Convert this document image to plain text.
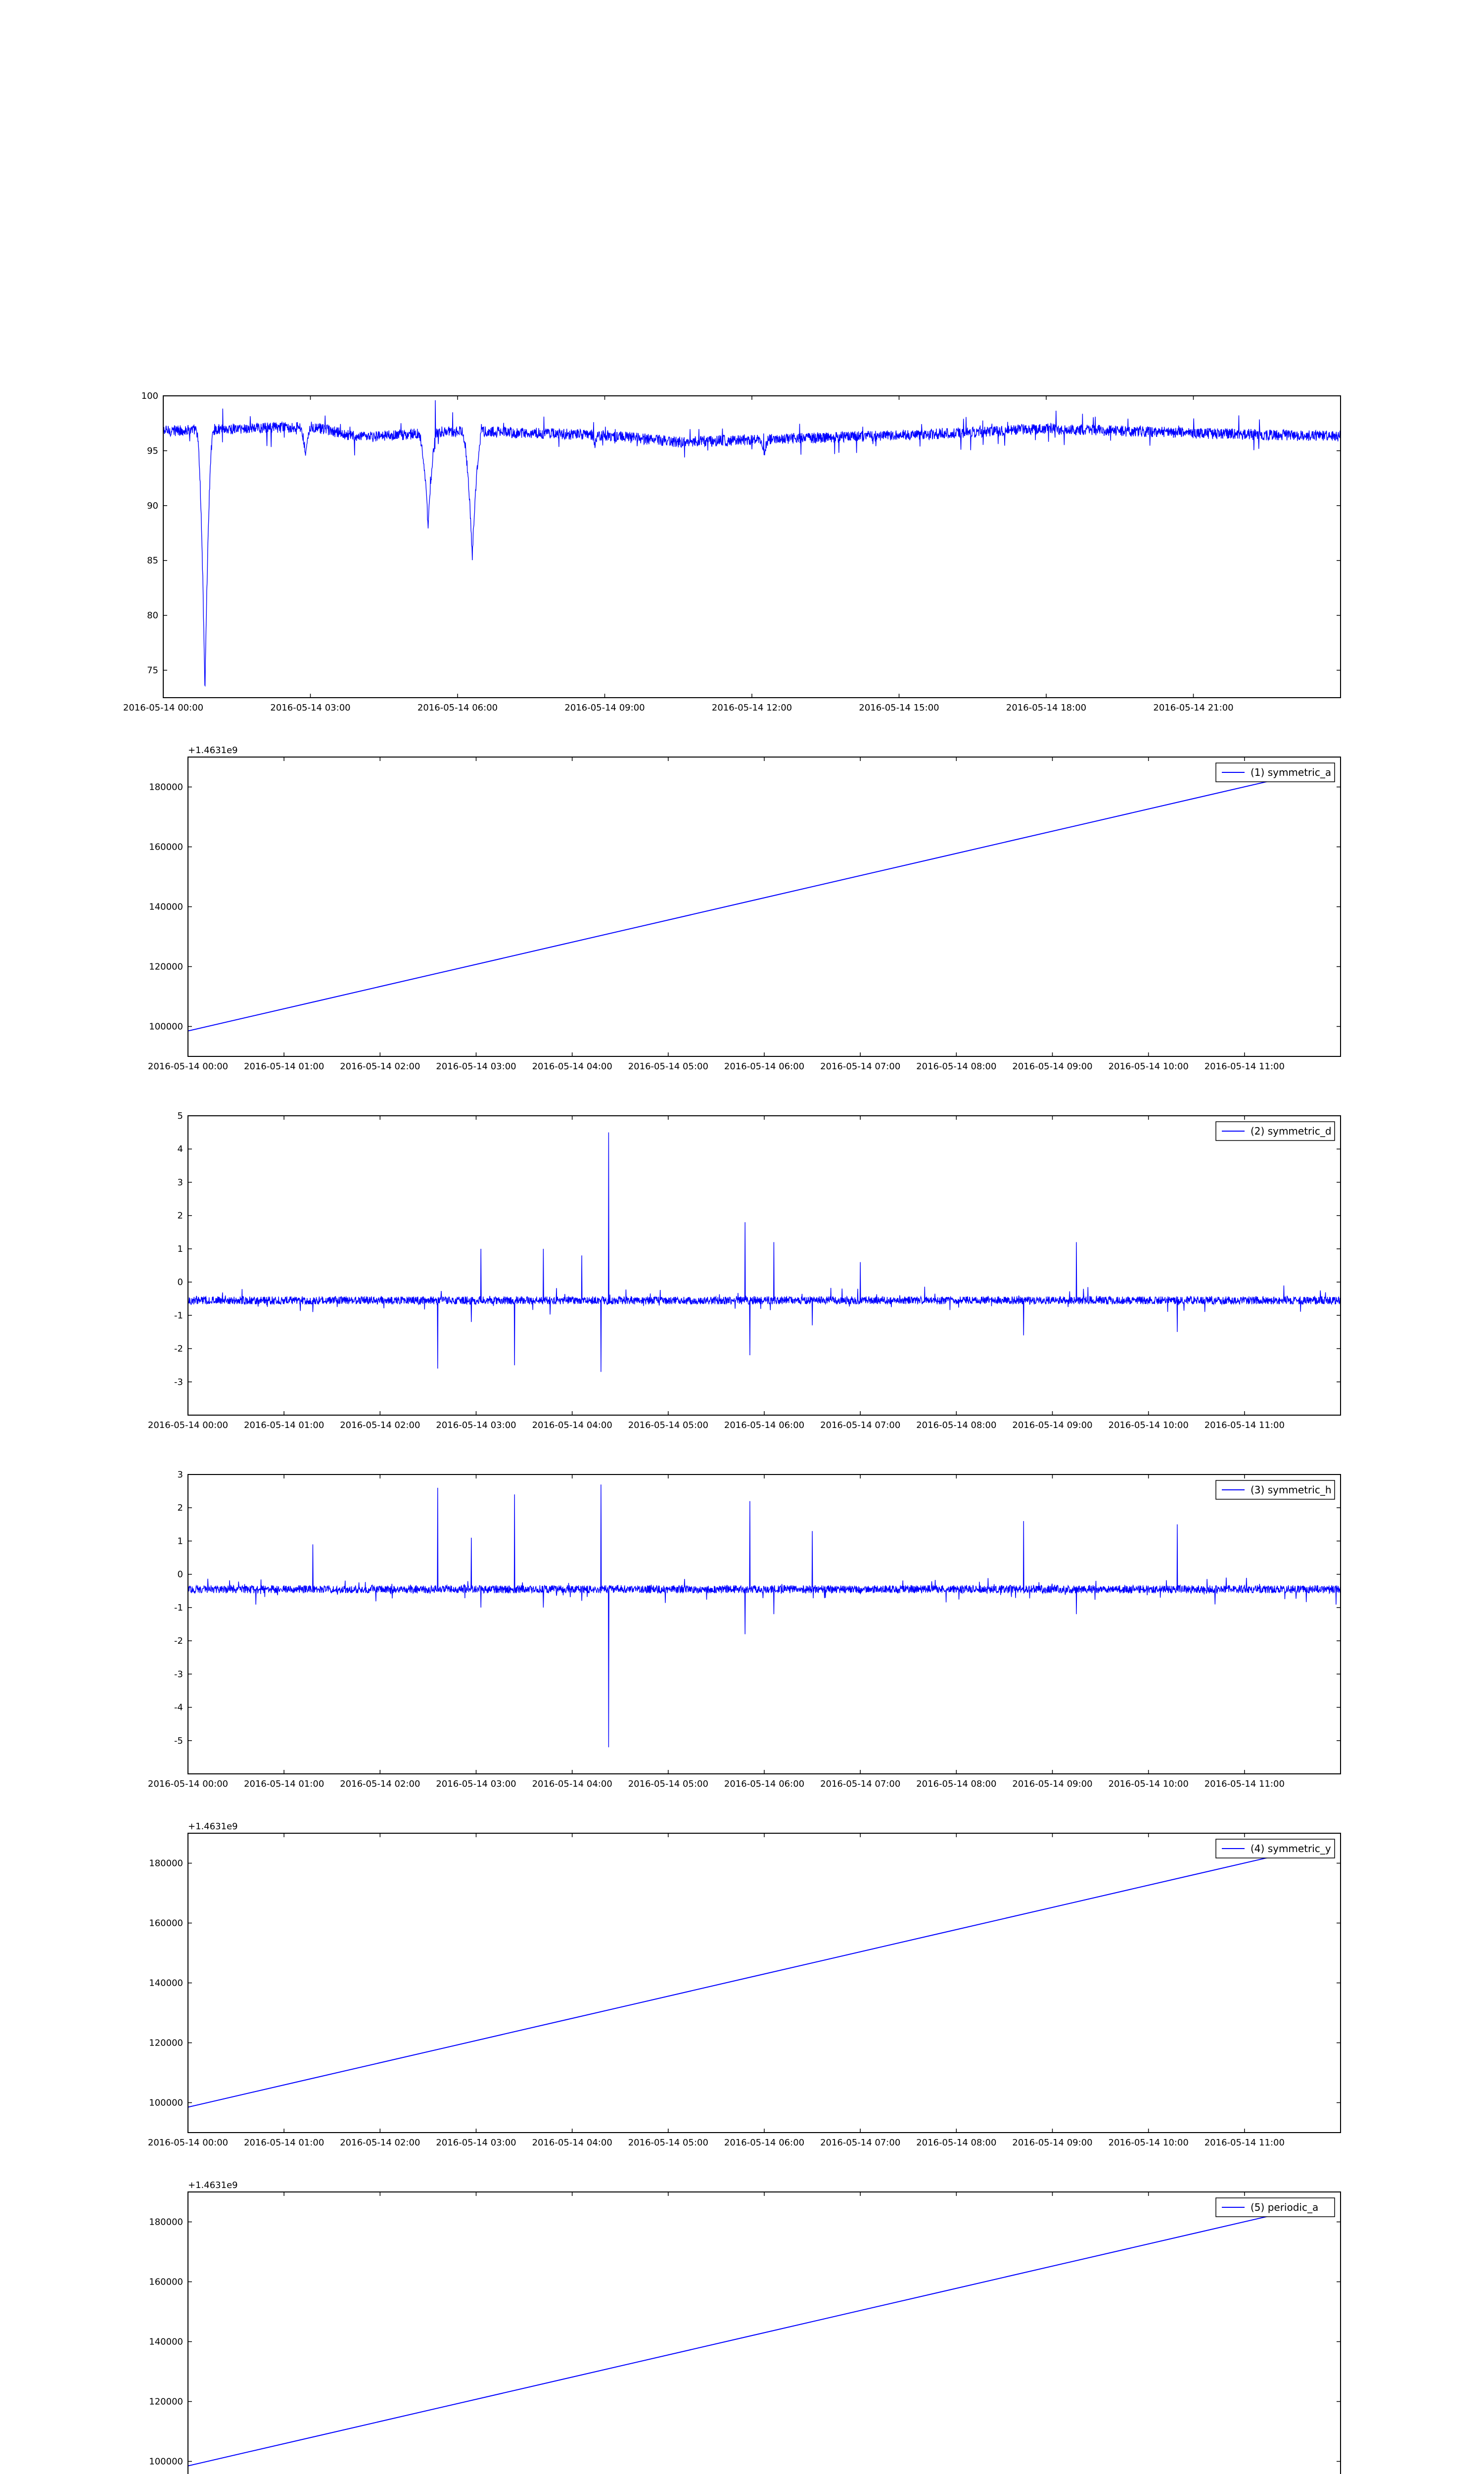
2016-05-14 00:00	2016-05-14 03:00	2016-05-14 06:00	2016-05-14 09:00	2016-05-14 12:00	2016-05-14 15:00	2016-05-14 18:00	2016-05-14 21:00
100
95
90
85
80
75
2016-05-14 00:00 2016-05-14 01:00 2016-05-14 02:00 2016-05-14 03:00 2016-05-14 04:00 2016-05-14 05:00 2016-05-14 06:00 2016-05-14 07:00 2016-05-14 08:00 2016-05-14 09:00 2016-05-14 10:00 2016-05-14 11:00
180000
160000
140000
120000
100000
+1.4631e9
(1) symmetric_a
2016-05-14 00:00 2016-05-14 01:00 2016-05-14 02:00 2016-05-14 03:00 2016-05-14 04:00 2016-05-14 05:00 2016-05-14 06:00 2016-05-14 07:00 2016-05-14 08:00 2016-05-14 09:00 2016-05-14 10:00 2016-05-14 11:00
5
4
3
2
1
0
-1
-2
-3
(2) symmetric_d
2016-05-14 00:00 2016-05-14 01:00 2016-05-14 02:00 2016-05-14 03:00 2016-05-14 04:00 2016-05-14 05:00 2016-05-14 06:00 2016-05-14 07:00 2016-05-14 08:00 2016-05-14 09:00 2016-05-14 10:00 2016-05-14 11:00
3
2
1
0
-1
-2
-3
-4
-5
(3) symmetric_h
2016-05-14 00:00 2016-05-14 01:00 2016-05-14 02:00 2016-05-14 03:00 2016-05-14 04:00 2016-05-14 05:00 2016-05-14 06:00 2016-05-14 07:00 2016-05-14 08:00 2016-05-14 09:00 2016-05-14 10:00 2016-05-14 11:00
180000
160000
140000
120000
100000
+1.4631e9
(4) symmetric_y
180000
160000
140000
120000
100000
+1.4631e9
(5) periodic_a
